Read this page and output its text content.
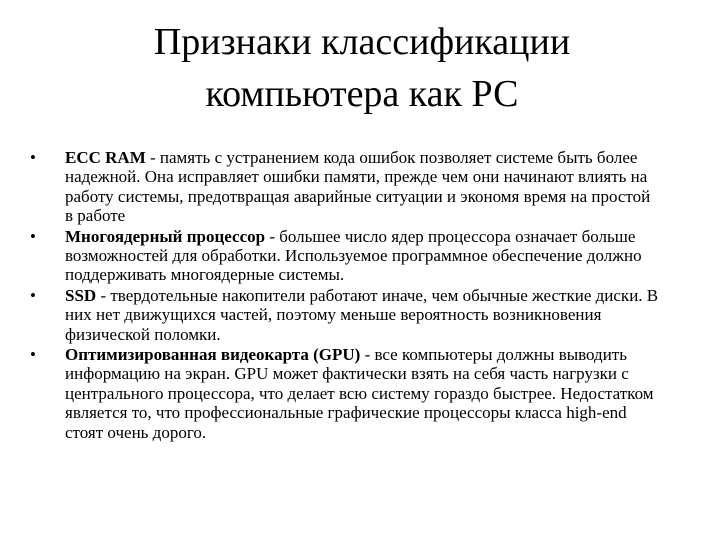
Признаки классификации
компьютера как РС
•	ECC RAM - память с устранением кода ошибок позволяет системе быть более надежной. Она исправляет ошибки памяти, прежде чем они начинают влиять на работу системы, предотвращая аварийные ситуации и экономя время на простой в работе
•	Многоядерный процессор - большее число ядер процессора означает больше возможностей для обработки. Используемое программное обеспечение должно поддерживать многоядерные системы.
•	SSD - твердотельные накопители работают иначе, чем обычные жесткие диски. В них нет движущихся частей, поэтому меньше вероятность возникновения физической поломки.
•	Оптимизированная видеокарта (GPU) - все компьютеры должны выводить информацию на экран. GPU может фактически взять на себя часть нагрузки с центрального процессора, что делает всю систему гораздо быстрее. Недостатком является то, что профессиональные графические процессоры класса high-end стоят очень дорого.
